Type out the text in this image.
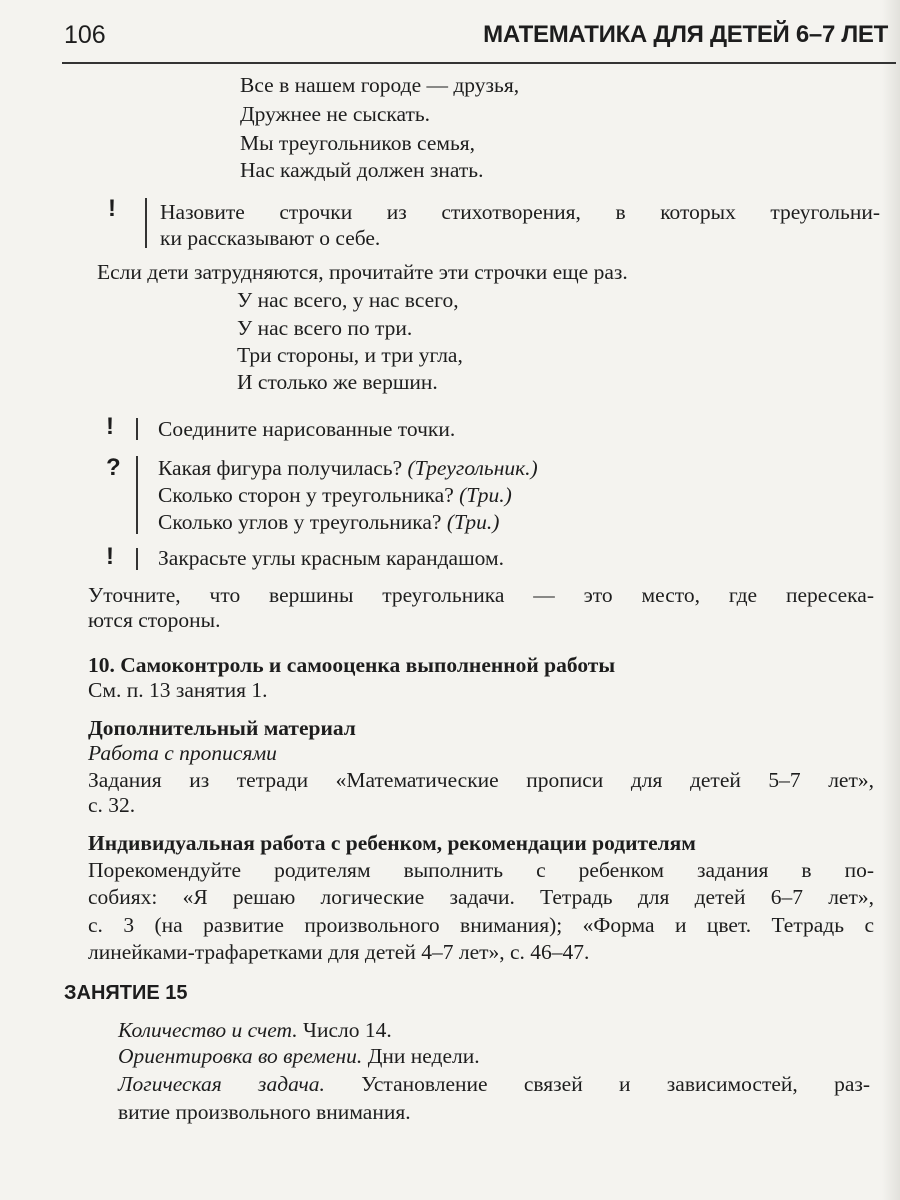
106	МАТЕМАТИКА ДЛЯ ДЕТЕЙ 6–7 ЛЕТ
Все в нашем городе — друзья,
Дружнее не сыскать.
Мы треугольников семья,
Нас каждый должен знать.
! Назовите строчки из стихотворения, в которых треугольни-
ки рассказывают о себе.
Если дети затрудняются, прочитайте эти строчки еще раз.
У нас всего, у нас всего,
У нас всего по три.
Три стороны, и три угла,
И столько же вершин.
! Соедините нарисованные точки.
? Какая фигура получилась? (Треугольник.)
Сколько сторон у треугольника? (Три.)
Сколько углов у треугольника? (Три.)
! Закрасьте углы красным карандашом.
Уточните, что вершины треугольника — это место, где пересека-
ются стороны.
10. Самоконтроль и самооценка выполненной работы
См. п. 13 занятия 1.
Дополнительный материал
Работа с прописями
Задания из тетради «Математические прописи для детей 5–7 лет»,
с. 32.
Индивидуальная работа с ребенком, рекомендации родителям
Порекомендуйте родителям выполнить с ребенком задания в по-
собиях: «Я решаю логические задачи. Тетрадь для детей 6–7 лет»,
с. 3 (на развитие произвольного внимания); «Форма и цвет. Тетрадь с
линейками-трафаретками для детей 4–7 лет», с. 46–47.
ЗАНЯТИЕ 15
Количество и счет. Число 14.
Ориентировка во времени. Дни недели.
Логическая задача. Установление связей и зависимостей, раз-
витие произвольного внимания.
